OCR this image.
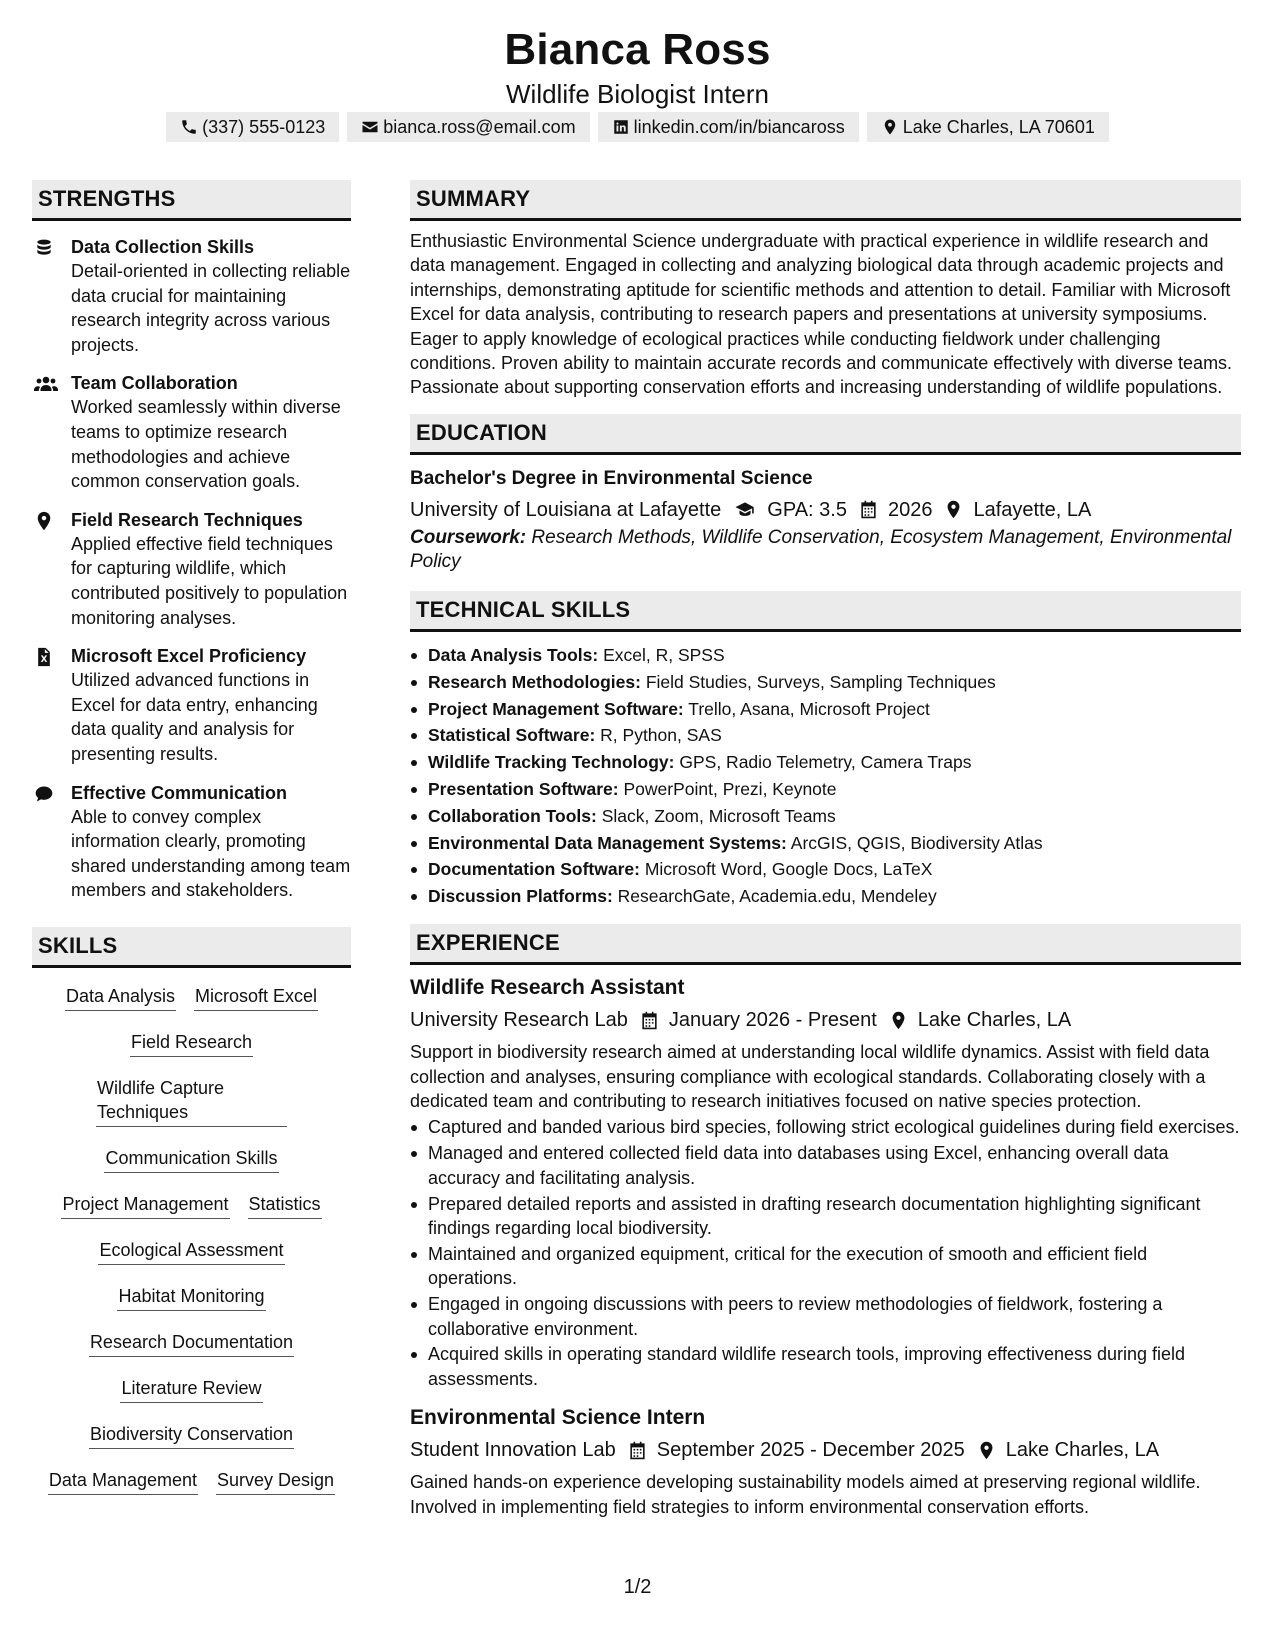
Bianca Ross
Wildlife Biologist Intern
(337) 555-0123	bianca.ross@email.com	linkedin.com/in/biancaross	Lake Charles, LA 70601
STRENGTHS
Data Collection Skills
Detail-oriented in collecting reliable data crucial for maintaining research integrity across various projects.
Team Collaboration
Worked seamlessly within diverse teams to optimize research methodologies and achieve common conservation goals.
Field Research Techniques
Applied effective field techniques for capturing wildlife, which contributed positively to population monitoring analyses.
Microsoft Excel Proficiency
Utilized advanced functions in Excel for data entry, enhancing data quality and analysis for presenting results.
Effective Communication
Able to convey complex information clearly, promoting shared understanding among team members and stakeholders.
SKILLS
Data Analysis Microsoft Excel
Field Research
Wildlife Capture Techniques
Communication Skills
Project Management Statistics
Ecological Assessment
Habitat Monitoring
Research Documentation
Literature Review
Biodiversity Conservation
Data Management Survey Design
SUMMARY
Enthusiastic Environmental Science undergraduate with practical experience in wildlife research and data management. Engaged in collecting and analyzing biological data through academic projects and internships, demonstrating aptitude for scientific methods and attention to detail. Familiar with Microsoft Excel for data analysis, contributing to research papers and presentations at university symposiums. Eager to apply knowledge of ecological practices while conducting fieldwork under challenging conditions. Proven ability to maintain accurate records and communicate effectively with diverse teams. Passionate about supporting conservation efforts and increasing understanding of wildlife populations.
EDUCATION
Bachelor's Degree in Environmental Science
University of Louisiana at Lafayette GPA: 3.5 2026 Lafayette, LA
Coursework: Research Methods, Wildlife Conservation, Ecosystem Management, Environmental Policy
TECHNICAL SKILLS
Data Analysis Tools: Excel, R, SPSS
Research Methodologies: Field Studies, Surveys, Sampling Techniques
Project Management Software: Trello, Asana, Microsoft Project
Statistical Software: R, Python, SAS
Wildlife Tracking Technology: GPS, Radio Telemetry, Camera Traps
Presentation Software: PowerPoint, Prezi, Keynote
Collaboration Tools: Slack, Zoom, Microsoft Teams
Environmental Data Management Systems: ArcGIS, QGIS, Biodiversity Atlas
Documentation Software: Microsoft Word, Google Docs, LaTeX
Discussion Platforms: ResearchGate, Academia.edu, Mendeley
EXPERIENCE
Wildlife Research Assistant
University Research Lab January 2026 - Present Lake Charles, LA
Support in biodiversity research aimed at understanding local wildlife dynamics. Assist with field data collection and analyses, ensuring compliance with ecological standards. Collaborating closely with a dedicated team and contributing to research initiatives focused on native species protection.
Captured and banded various bird species, following strict ecological guidelines during field exercises.
Managed and entered collected field data into databases using Excel, enhancing overall data accuracy and facilitating analysis.
Prepared detailed reports and assisted in drafting research documentation highlighting significant findings regarding local biodiversity.
Maintained and organized equipment, critical for the execution of smooth and efficient field operations.
Engaged in ongoing discussions with peers to review methodologies of fieldwork, fostering a collaborative environment.
Acquired skills in operating standard wildlife research tools, improving effectiveness during field assessments.
Environmental Science Intern
Student Innovation Lab September 2025 - December 2025 Lake Charles, LA
Gained hands-on experience developing sustainability models aimed at preserving regional wildlife. Involved in implementing field strategies to inform environmental conservation efforts.
1/2
